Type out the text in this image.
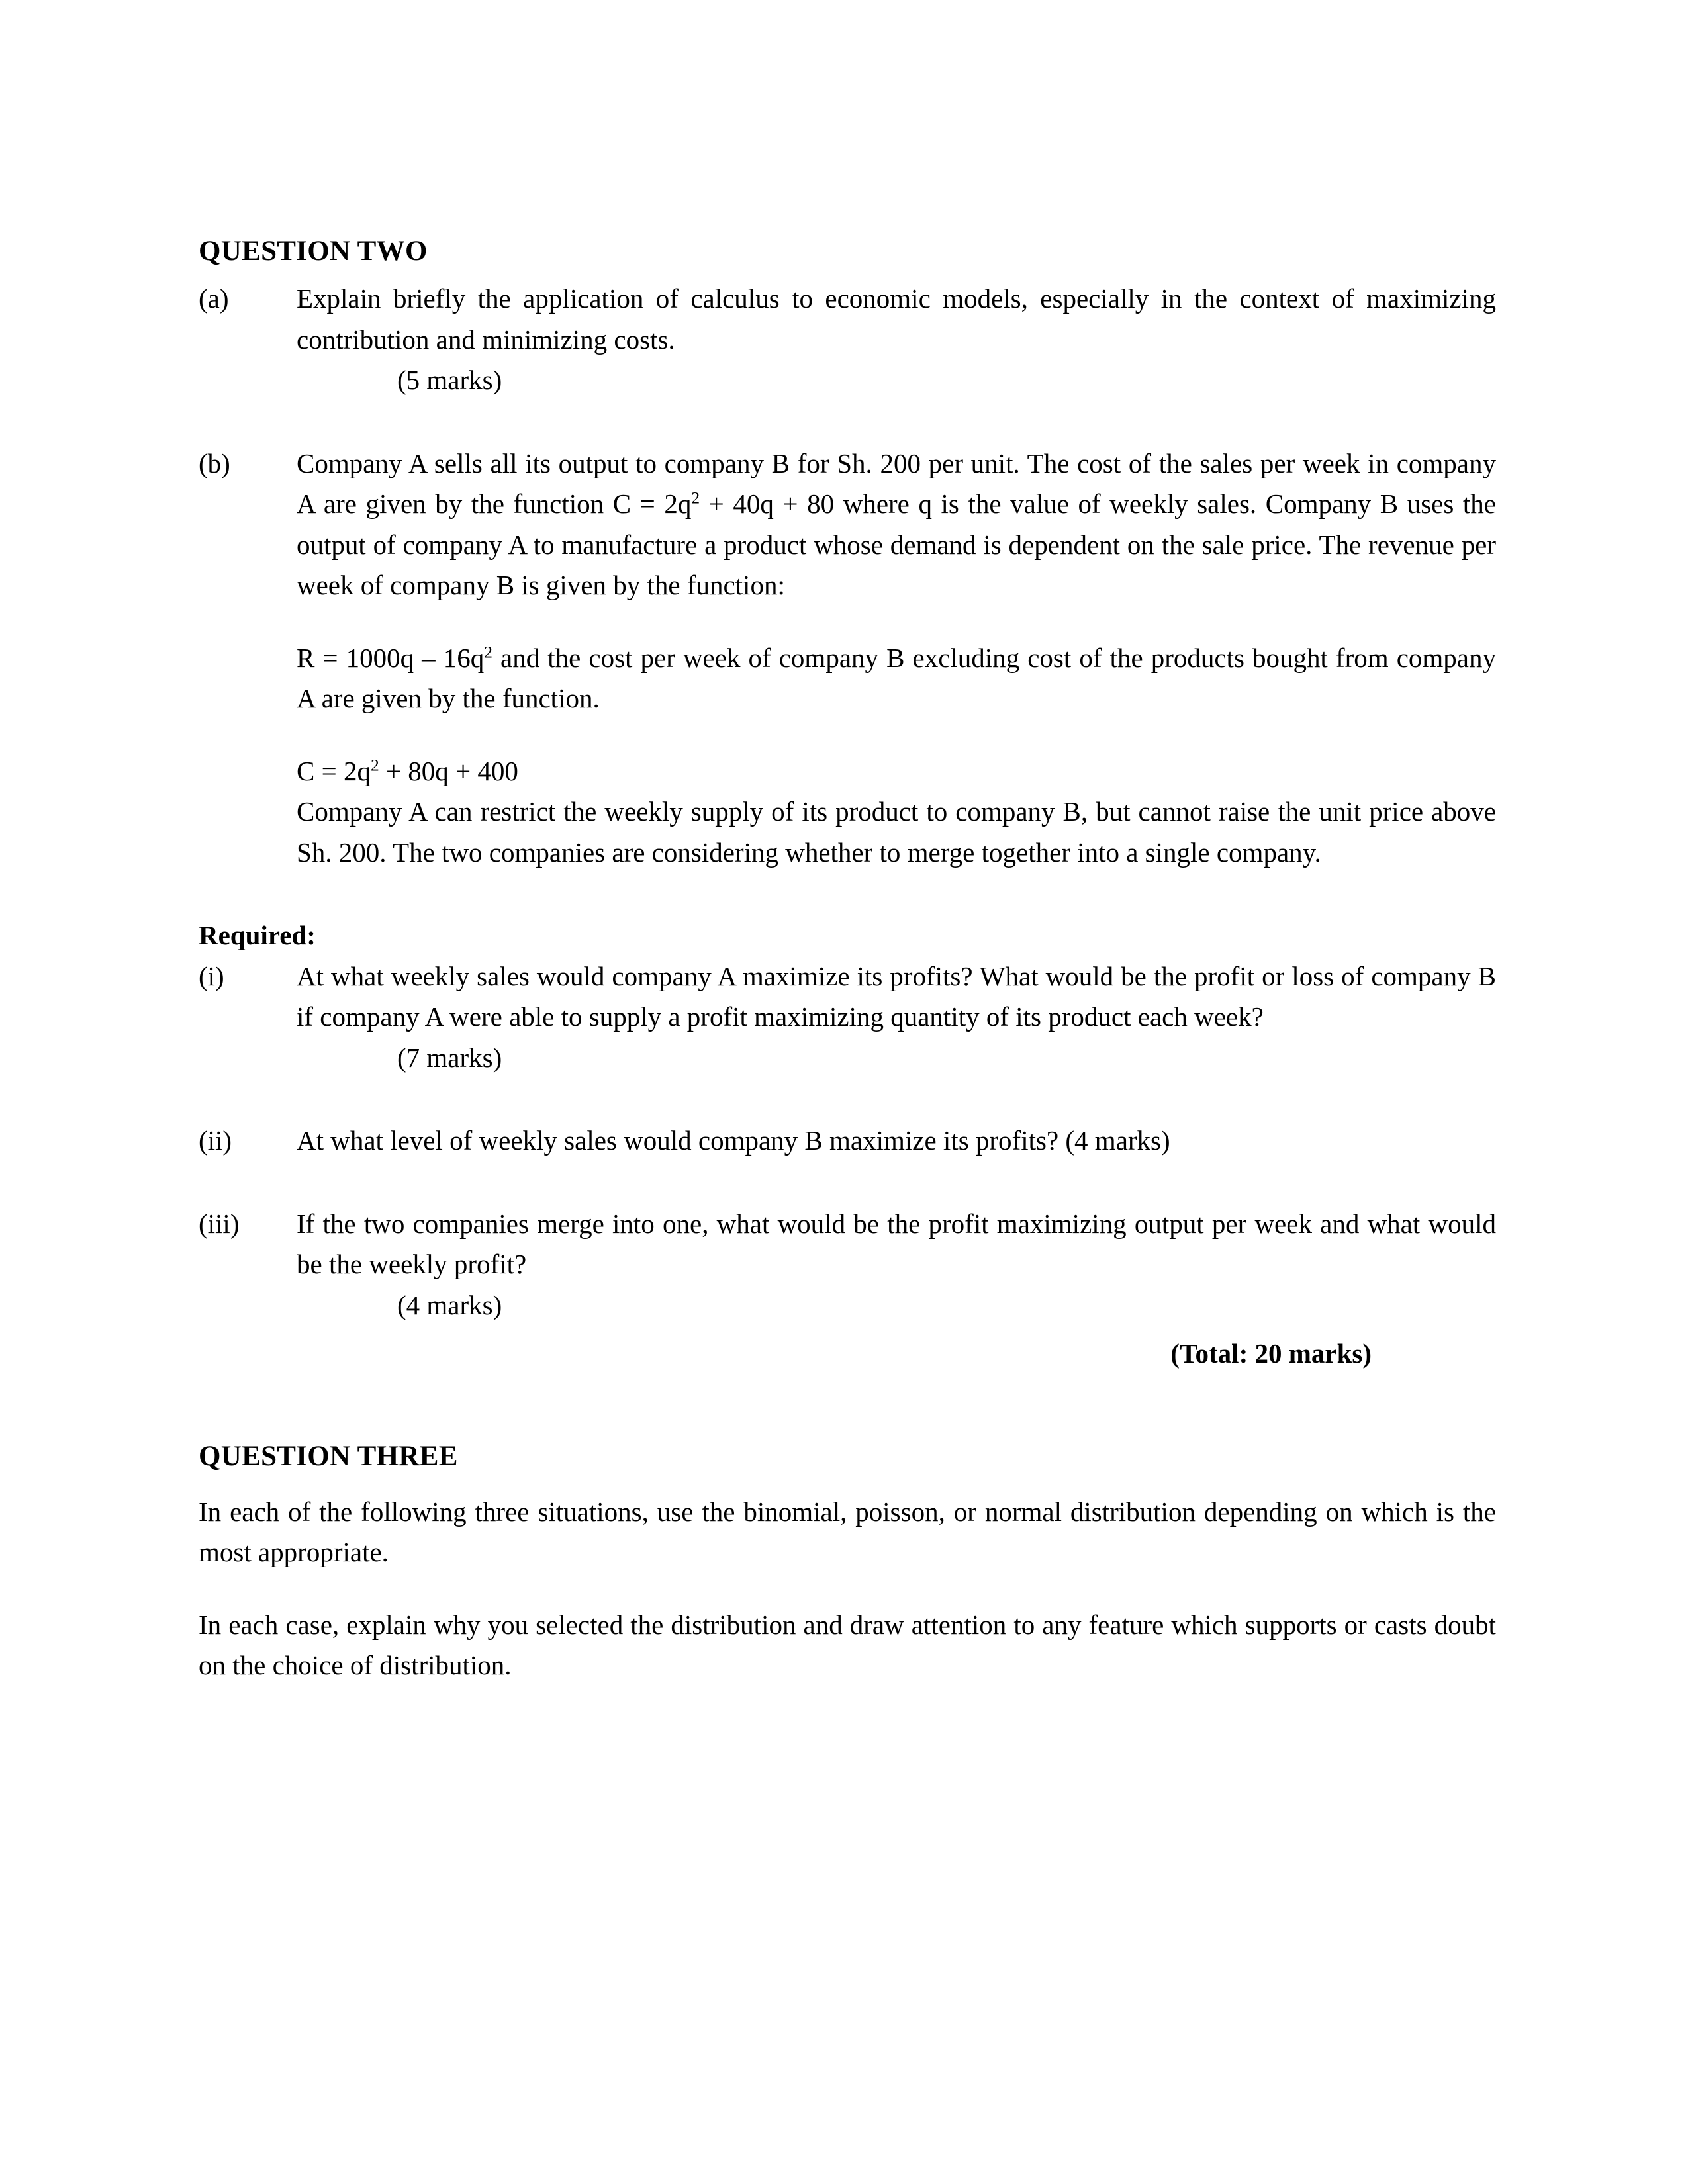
QUESTION TWO
(a)	Explain briefly the application of calculus to economic models, especially in the context of maximizing contribution and minimizing costs.
(5 marks)
(b)	Company A sells all its output to company B for Sh. 200 per unit. The cost of the sales per week in company A are given by the function $C = 2q^2 + 40q + 80$ where q is the value of weekly sales. Company B uses the output of company A to manufacture a product whose demand is dependent on the sale price. The revenue per week of company B is given by the function:
$R = 1000q - 16q^2$ and the cost per week of company B excluding cost of the products bought from company A are given by the function.
$C = 2q^2 + 80q + 400$
Company A can restrict the weekly supply of its product to company B, but cannot raise the unit price above Sh. 200. The two companies are considering whether to merge together into a single company.
Required:
(i)	At what weekly sales would company A maximize its profits? What would be the profit or loss of company B if company A were able to supply a profit maximizing quantity of its product each week?
(7 marks)
(ii)	At what level of weekly sales would company B maximize its profits? (4 marks)
(iii)	If the two companies merge into one, what would be the profit maximizing output per week and what would be the weekly profit?
(4 marks)
(Total: 20 marks)
QUESTION THREE
In each of the following three situations, use the binomial, poisson, or normal distribution depending on which is the most appropriate.
In each case, explain why you selected the distribution and draw attention to any feature which supports or casts doubt on the choice of distribution.
